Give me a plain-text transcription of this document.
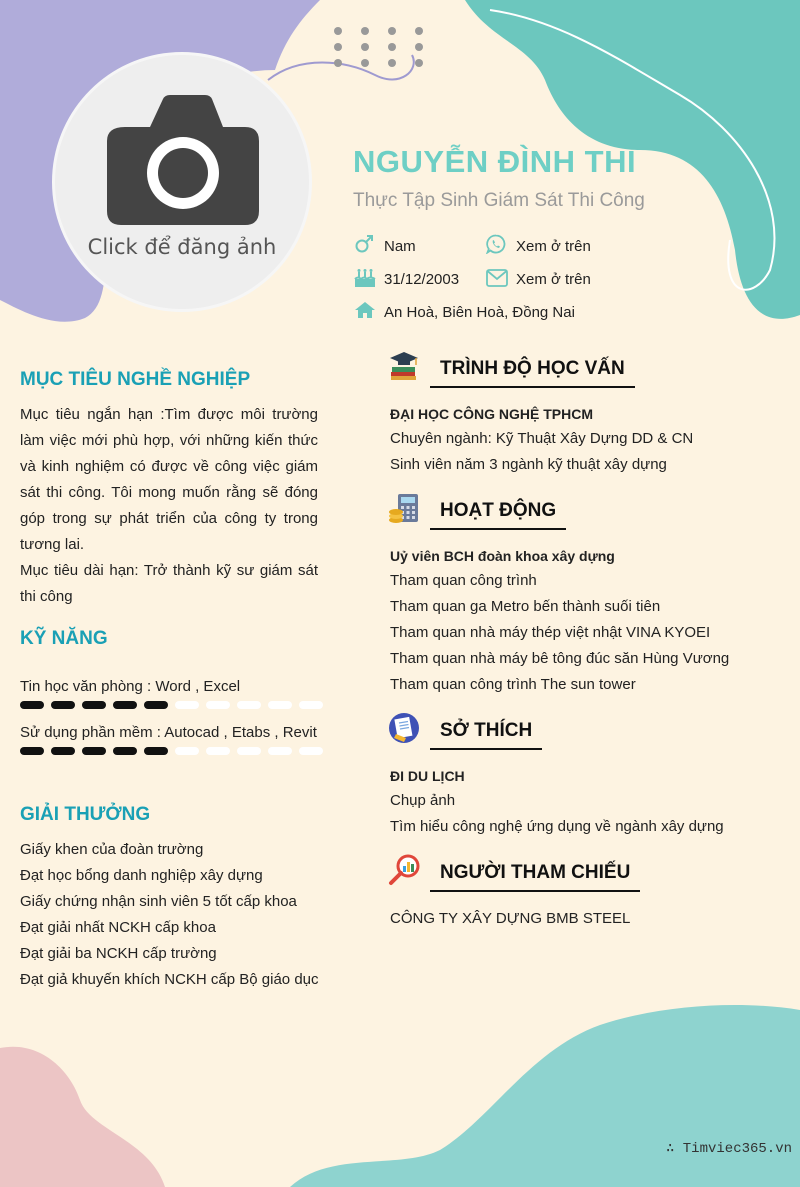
Click để đăng ảnh
NGUYỄN ĐÌNH THI
Thực Tập Sinh Giám Sát Thi Công
Nam	Xem ở trên
31/12/2003	Xem ở trên
An Hoà, Biên Hoà, Đồng Nai
MỤC TIÊU NGHỀ NGHIỆP
Mục tiêu ngắn hạn :Tìm được môi trường làm việc mới phù hợp, với những kiến thức và kinh nghiệm có được về công việc giám sát thi công. Tôi mong muốn rằng sẽ đóng góp trong sự phát triển của công ty trong tương lai.
Mục tiêu dài hạn: Trở thành kỹ sư giám sát thi công
KỸ NĂNG
Tin học văn phòng : Word , Excel
Sử dụng phần mềm : Autocad , Etabs , Revit
GIẢI THƯỞNG
Giấy khen của đoàn trường
Đạt học bổng danh nghiệp xây dựng
Giấy chứng nhận sinh viên 5 tốt cấp khoa
Đạt giải nhất NCKH cấp khoa
Đạt giải ba NCKH cấp trường
Đạt giả khuyến khích NCKH cấp Bộ giáo dục
TRÌNH ĐỘ HỌC VẤN
ĐẠI HỌC CÔNG NGHỆ TPHCM
Chuyên ngành: Kỹ Thuật Xây Dựng DD & CN
Sinh viên năm 3 ngành kỹ thuật xây dựng
HOẠT ĐỘNG
Uỷ viên BCH đoàn khoa xây dựng
Tham quan công trình
Tham quan ga Metro bến thành suối tiên
Tham quan nhà máy thép việt nhật VINA KYOEI
Tham quan nhà máy bê tông đúc săn Hùng Vương
Tham quan công trình The sun tower
SỞ THÍCH
ĐI DU LỊCH
Chụp ảnh
Tìm hiểu công nghệ ứng dụng về ngành xây dựng
NGƯỜI THAM CHIẾU
CÔNG TY XÂY DỰNG BMB STEEL
∴ Timviec365.vn
